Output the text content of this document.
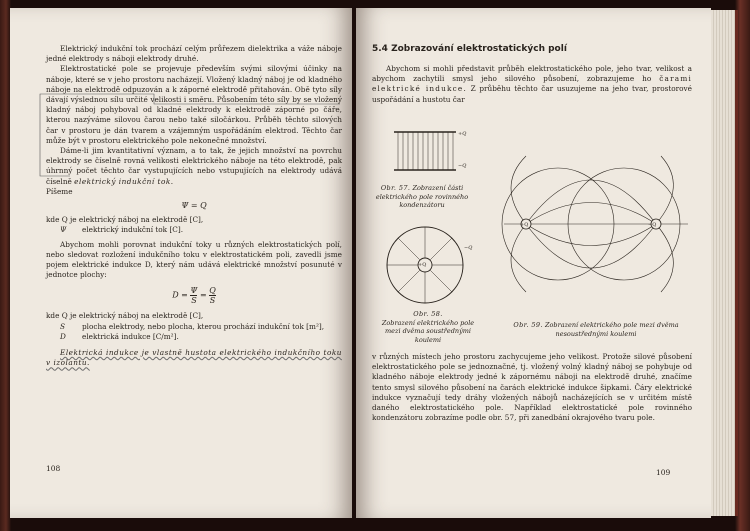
Elektrický indukční tok prochází celým průřezem dielektrika a váže náboje jedné elektrody s náboji elektrody druhé.

Elektrostatické pole se projevuje především svými silovými účinky na náboje, které se v jeho prostoru nacházejí. Vložený kladný náboj je od kladného náboje na elektrodě odpuzován a k záporné elektrodě přitahován. Obě tyto síly dávají výslednou sílu určité velikosti i směru. Působením této síly by se vložený kladný náboj pohyboval od kladné elektrody k elektrodě záporné po čáře, kterou nazýváme silovou čarou nebo také siločárkou. Průběh těchto silových čar v prostoru je dán tvarem a vzájemným uspořádáním elektrod. Těchto čar může být v prostoru elektrického pole nekonečné množství.

Dáme-li jim kvantitativní význam, a to tak, že jejich množství na povrchu elektrody se číselně rovná velikosti elektrického náboje na této elektrodě, pak úhrnný počet těchto čar vystupujících nebo vstupujících na elektrody udává číselně elektrický indukční tok.

Píšeme

Ψ = Q

kde Q je elektrický náboj na elektrodě [C],

Ψ	elektrický indukční tok [C].

Abychom mohli porovnat indukční toky u různých elektrostatických polí, nebo sledovat rozložení indukčního toku v elektrostatickém poli, zavedli jsme pojem elektrické indukce D, který nám udává elektrické množství posunuté v jednotce plochy:

$D = \frac{\Psi}{S} = \frac{Q}{S}$

kde Q je elektrický náboj na elektrodě [C],

S	plocha elektrody, nebo plocha, kterou prochází indukční tok [m²],
D	elektrická indukce [C/m²].

Elektrická indukce je vlastně hustota elektrického indukčního toku v izolantu.

108
5.4 Zobrazování elektrostatických polí

Abychom si mohli představit průběh elektrostatického pole, jeho tvar, velikost a abychom zachytili smysl jeho silového působení, zobrazujeme ho čarami elektrické indukce. Z průběhu těchto čar usuzujeme na jeho tvar, prostorové uspořádání a hustotu čar

+Q
−Q
Obr. 57. Zobrazení části elektrického pole rovinného kondenzátoru
+Q
−Q
Obr. 58.
Zobrazení elektrického pole mezi dvěma soustřednými koulemi
+Q	−Q
Obr. 59. Zobrazení elektrického pole mezi dvěma nesoustřednými koulemi

v různých místech jeho prostoru zachycujeme jeho velikost. Protože silové působení elektrostatického pole se jednoznačné, tj. vložený volný kladný náboj se pohybuje od kladného náboje elektrody jedné k zápornému náboji na elektrodě druhé, značíme tento smysl silového působení na čarách elektrické indukce šipkami. Čáry elektrické indukce vyznačují tedy dráhy vložených nábojů nacházejících se v určitém místě daného elektrostatického pole. Například elektrostatické pole rovinného kondenzátoru zobrazíme podle obr. 57, při zanedbání okrajového tvaru pole.

109
